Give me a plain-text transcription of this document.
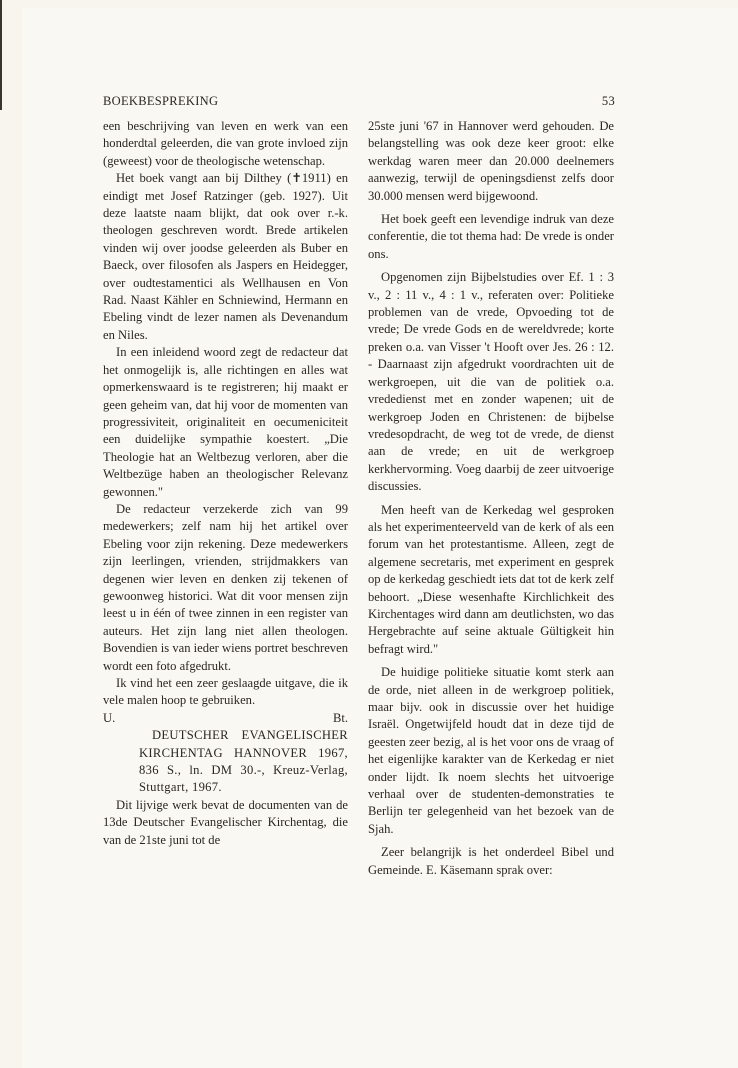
BOEKBESPREKING	53

een beschrijving van leven en werk van een honderdtal geleerden, die van grote invloed zijn (geweest) voor de theologische wetenschap.

Het boek vangt aan bij Dilthey (✝1911) en eindigt met Josef Ratzinger (geb. 1927). Uit deze laatste naam blijkt, dat ook over r.-k. theologen geschreven wordt. Brede artikelen vinden wij over joodse geleerden als Buber en Baeck, over filosofen als Jaspers en Heidegger, over oudtestamentici als Wellhausen en Von Rad. Naast Kähler en Schniewind, Hermann en Ebeling vindt de lezer namen als Devenandum en Niles.

In een inleidend woord zegt de redacteur dat het onmogelijk is, alle richtingen en alles wat opmerkenswaard is te registreren; hij maakt er geen geheim van, dat hij voor de momenten van progressiviteit, originaliteit en oecumeniciteit een duidelijke sympathie koestert. „Die Theologie hat an Weltbezug verloren, aber die Weltbezüge haben an theologischer Relevanz gewonnen."

De redacteur verzekerde zich van 99 medewerkers; zelf nam hij het artikel over Ebeling voor zijn rekening. Deze medewerkers zijn leerlingen, vrienden, strijdmakkers van degenen wier leven en denken zij tekenen of gewoonweg historici. Wat dit voor mensen zijn leest u in één of twee zinnen in een register van auteurs. Het zijn lang niet allen theologen. Bovendien is van ieder wiens portret beschreven wordt een foto afgedrukt.

Ik vind het een zeer geslaagde uitgave, die ik vele malen hoop te gebruiken.

U.	Bt.

DEUTSCHER EVANGELISCHER KIRCHENTAG HANNOVER 1967, 836 S., ln. DM 30.-, Kreuz-Verlag, Stuttgart, 1967.

Dit lijvige werk bevat de documenten van de 13de Deutscher Evangelischer Kirchentag, die van de 21ste juni tot de

25ste juni '67 in Hannover werd gehouden. De belangstelling was ook deze keer groot: elke werkdag waren meer dan 20.000 deelnemers aanwezig, terwijl de openingsdienst zelfs door 30.000 mensen werd bijgewoond.

Het boek geeft een levendige indruk van deze conferentie, die tot thema had: De vrede is onder ons.

Opgenomen zijn Bijbelstudies over Ef. 1 : 3 v., 2 : 11 v., 4 : 1 v., referaten over: Politieke problemen van de vrede, Opvoeding tot de vrede; De vrede Gods en de wereldvrede; korte preken o.a. van Visser 't Hooft over Jes. 26 : 12. - Daarnaast zijn afgedrukt voordrachten uit de werkgroepen, uit die van de politiek o.a. vrededienst met en zonder wapenen; uit de werkgroep Joden en Christenen: de bijbelse vredesopdracht, de weg tot de vrede, de dienst aan de vrede; en uit de werkgroep kerkhervorming. Voeg daarbij de zeer uitvoerige discussies.

Men heeft van de Kerkedag wel gesproken als het experimenteerveld van de kerk of als een forum van het protestantisme. Alleen, zegt de algemene secretaris, met experiment en gesprek op de kerkedag geschiedt iets dat tot de kerk zelf behoort. „Diese wesenhafte Kirchlichkeit des Kirchentages wird dann am deutlichsten, wo das Hergebrachte auf seine aktuale Gültigkeit hin befragt wird."

De huidige politieke situatie komt sterk aan de orde, niet alleen in de werkgroep politiek, maar bijv. ook in discussie over het huidige Israël. Ongetwijfeld houdt dat in deze tijd de geesten zeer bezig, al is het voor ons de vraag of het eigenlijke karakter van de Kerkedag er niet onder lijdt. Ik noem slechts het uitvoerige verhaal over de studenten-demonstraties te Berlijn ter gelegenheid van het bezoek van de Sjah.

Zeer belangrijk is het onderdeel Bibel und Gemeinde. E. Käsemann sprak over:
